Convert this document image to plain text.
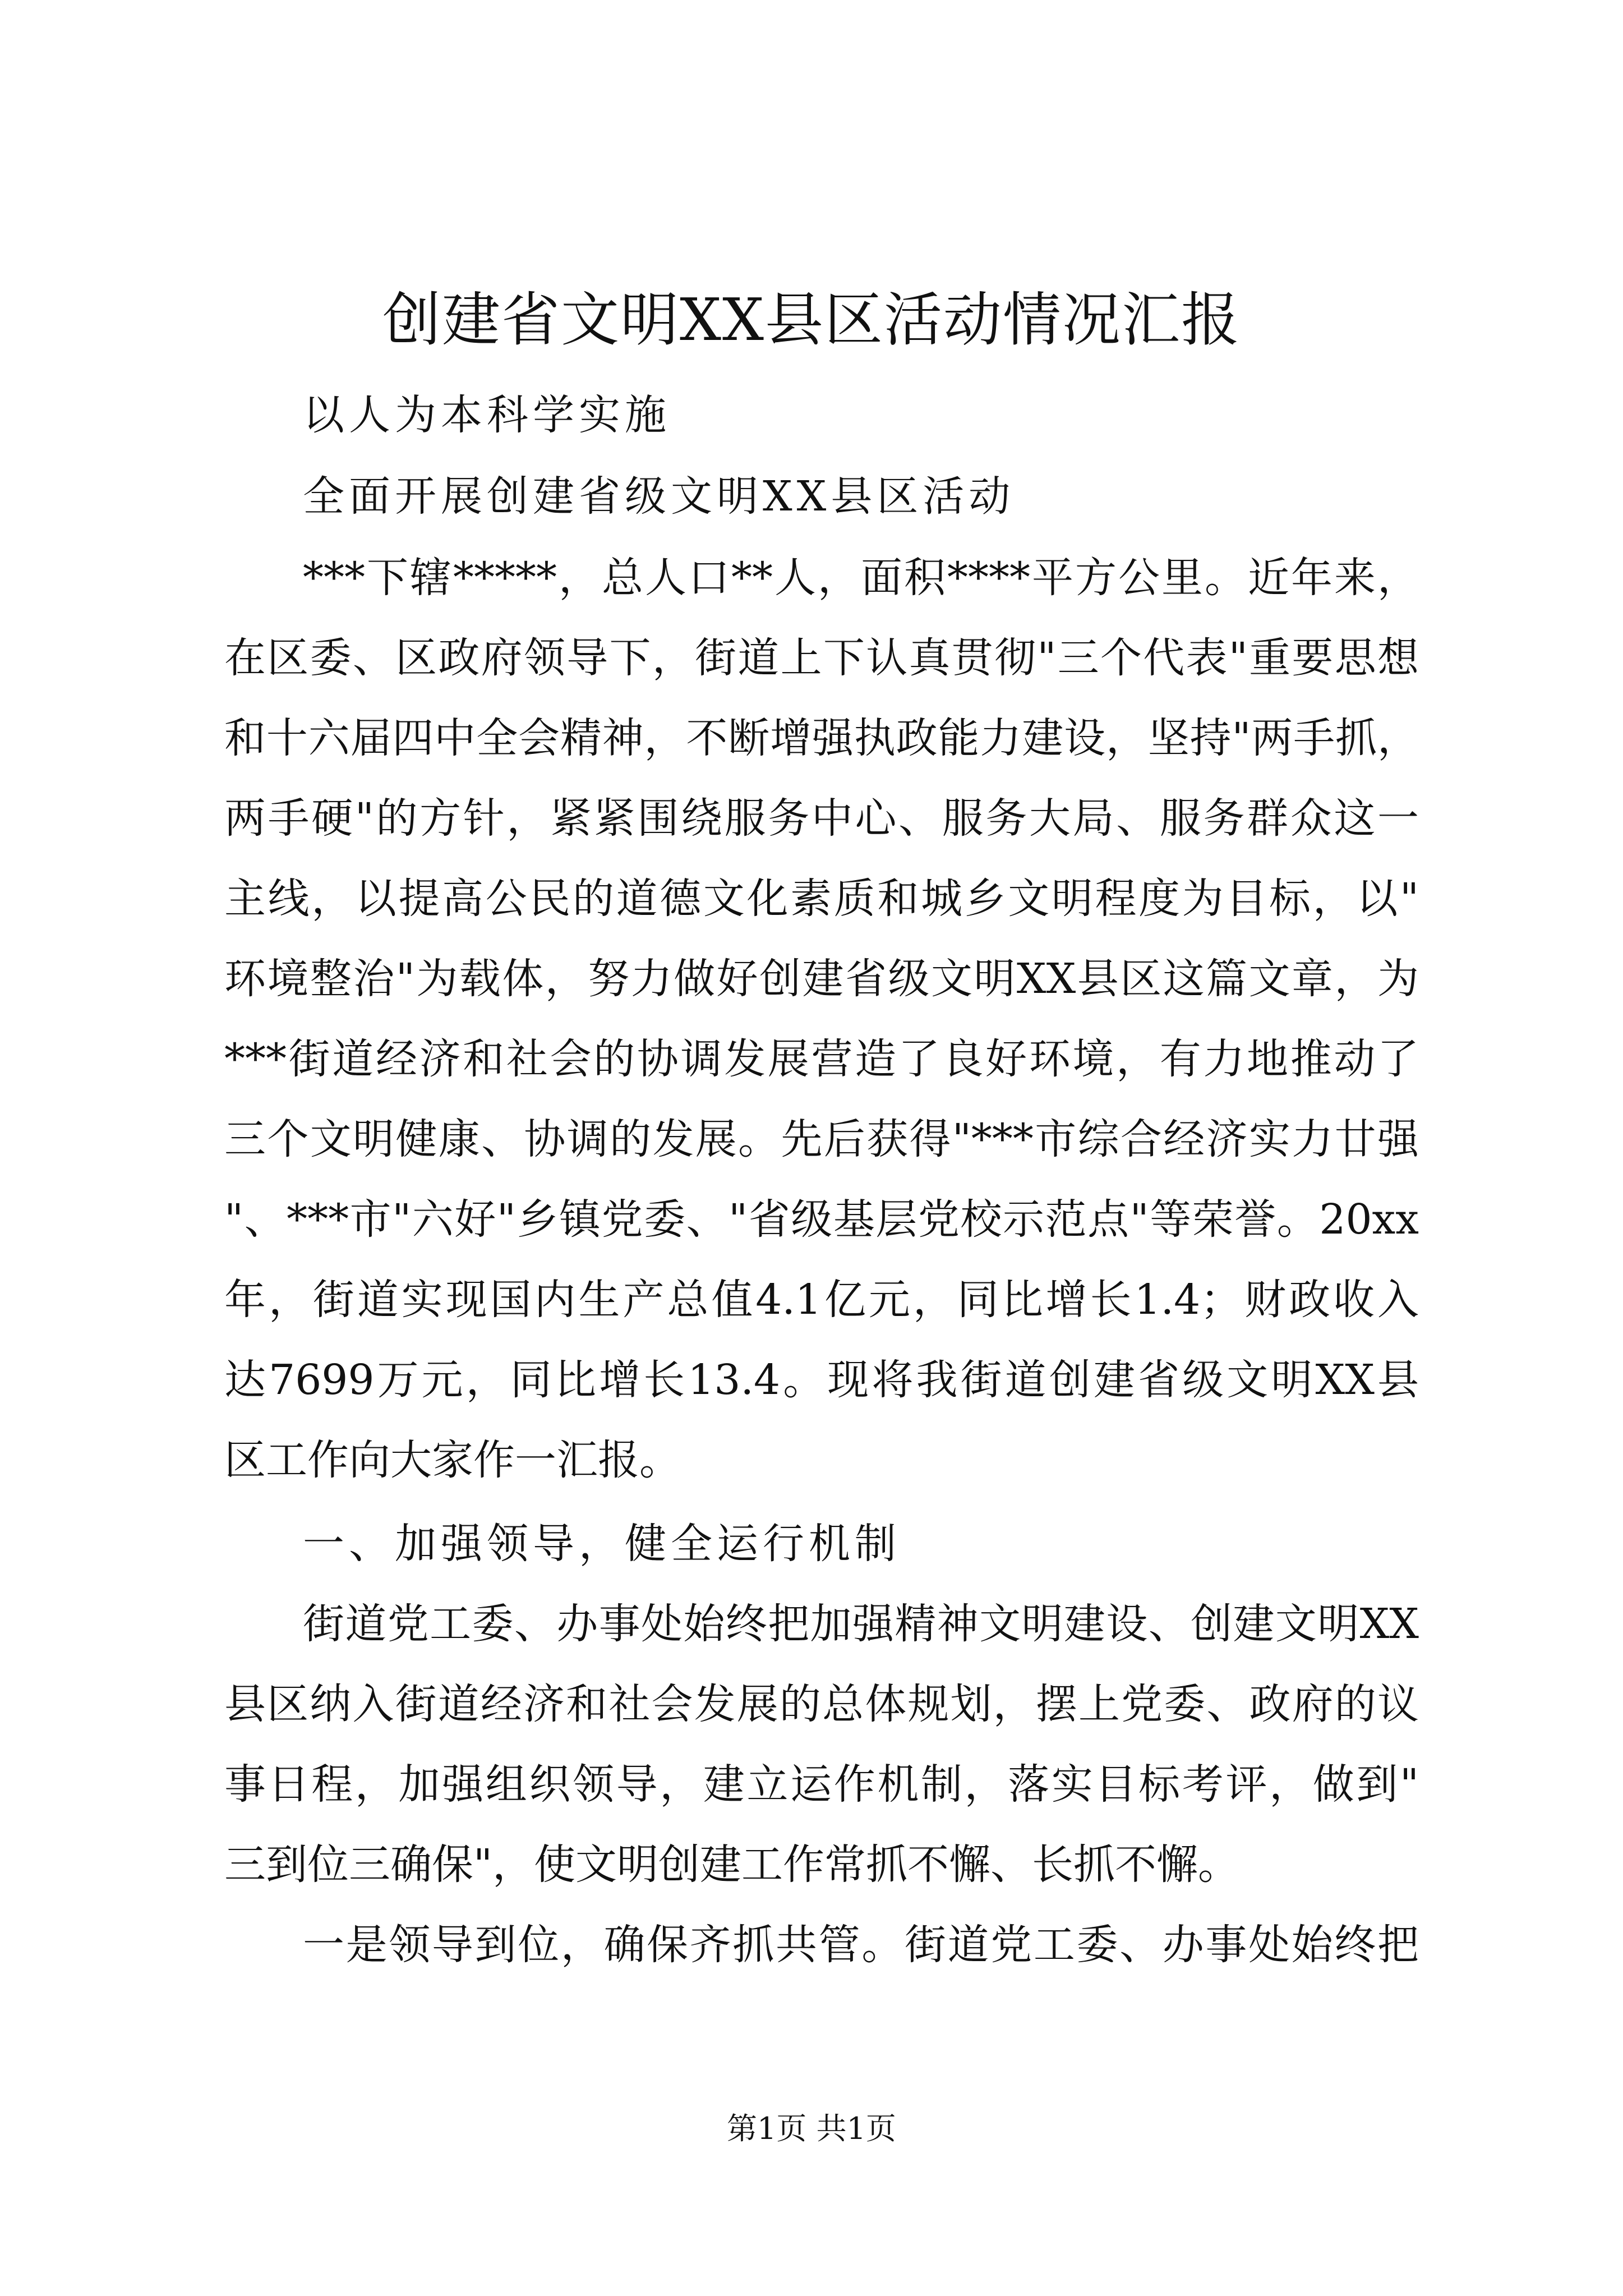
创建省文明XX县区活动情况汇报
以人为本科学实施
全面开展创建省级文明XX县区活动
***下辖*****，总人口**人，面积****平方公里。近年来，
在区委、区政府领导下，街道上下认真贯彻"三个代表"重要思想
和十六届四中全会精神，不断增强执政能力建设，坚持"两手抓，
两手硬"的方针，紧紧围绕服务中心、服务大局、服务群众这一
主线，以提高公民的道德文化素质和城乡文明程度为目标，以"
环境整治"为载体，努力做好创建省级文明XX县区这篇文章，为
***街道经济和社会的协调发展营造了良好环境，有力地推动了
三个文明健康、协调的发展。先后获得"***市综合经济实力廿强
"、***市"六好"乡镇党委、"省级基层党校示范点"等荣誉。20xx
年，街道实现国内生产总值4.1亿元，同比增长1.4；财政收入
达7699万元，同比增长13.4。现将我街道创建省级文明XX县
区工作向大家作一汇报。
一、加强领导，健全运行机制
街道党工委、办事处始终把加强精神文明建设、创建文明XX
县区纳入街道经济和社会发展的总体规划，摆上党委、政府的议
事日程，加强组织领导，建立运作机制，落实目标考评，做到"
三到位三确保"，使文明创建工作常抓不懈、长抓不懈。
一是领导到位，确保齐抓共管。街道党工委、办事处始终把
第1页 共1页
